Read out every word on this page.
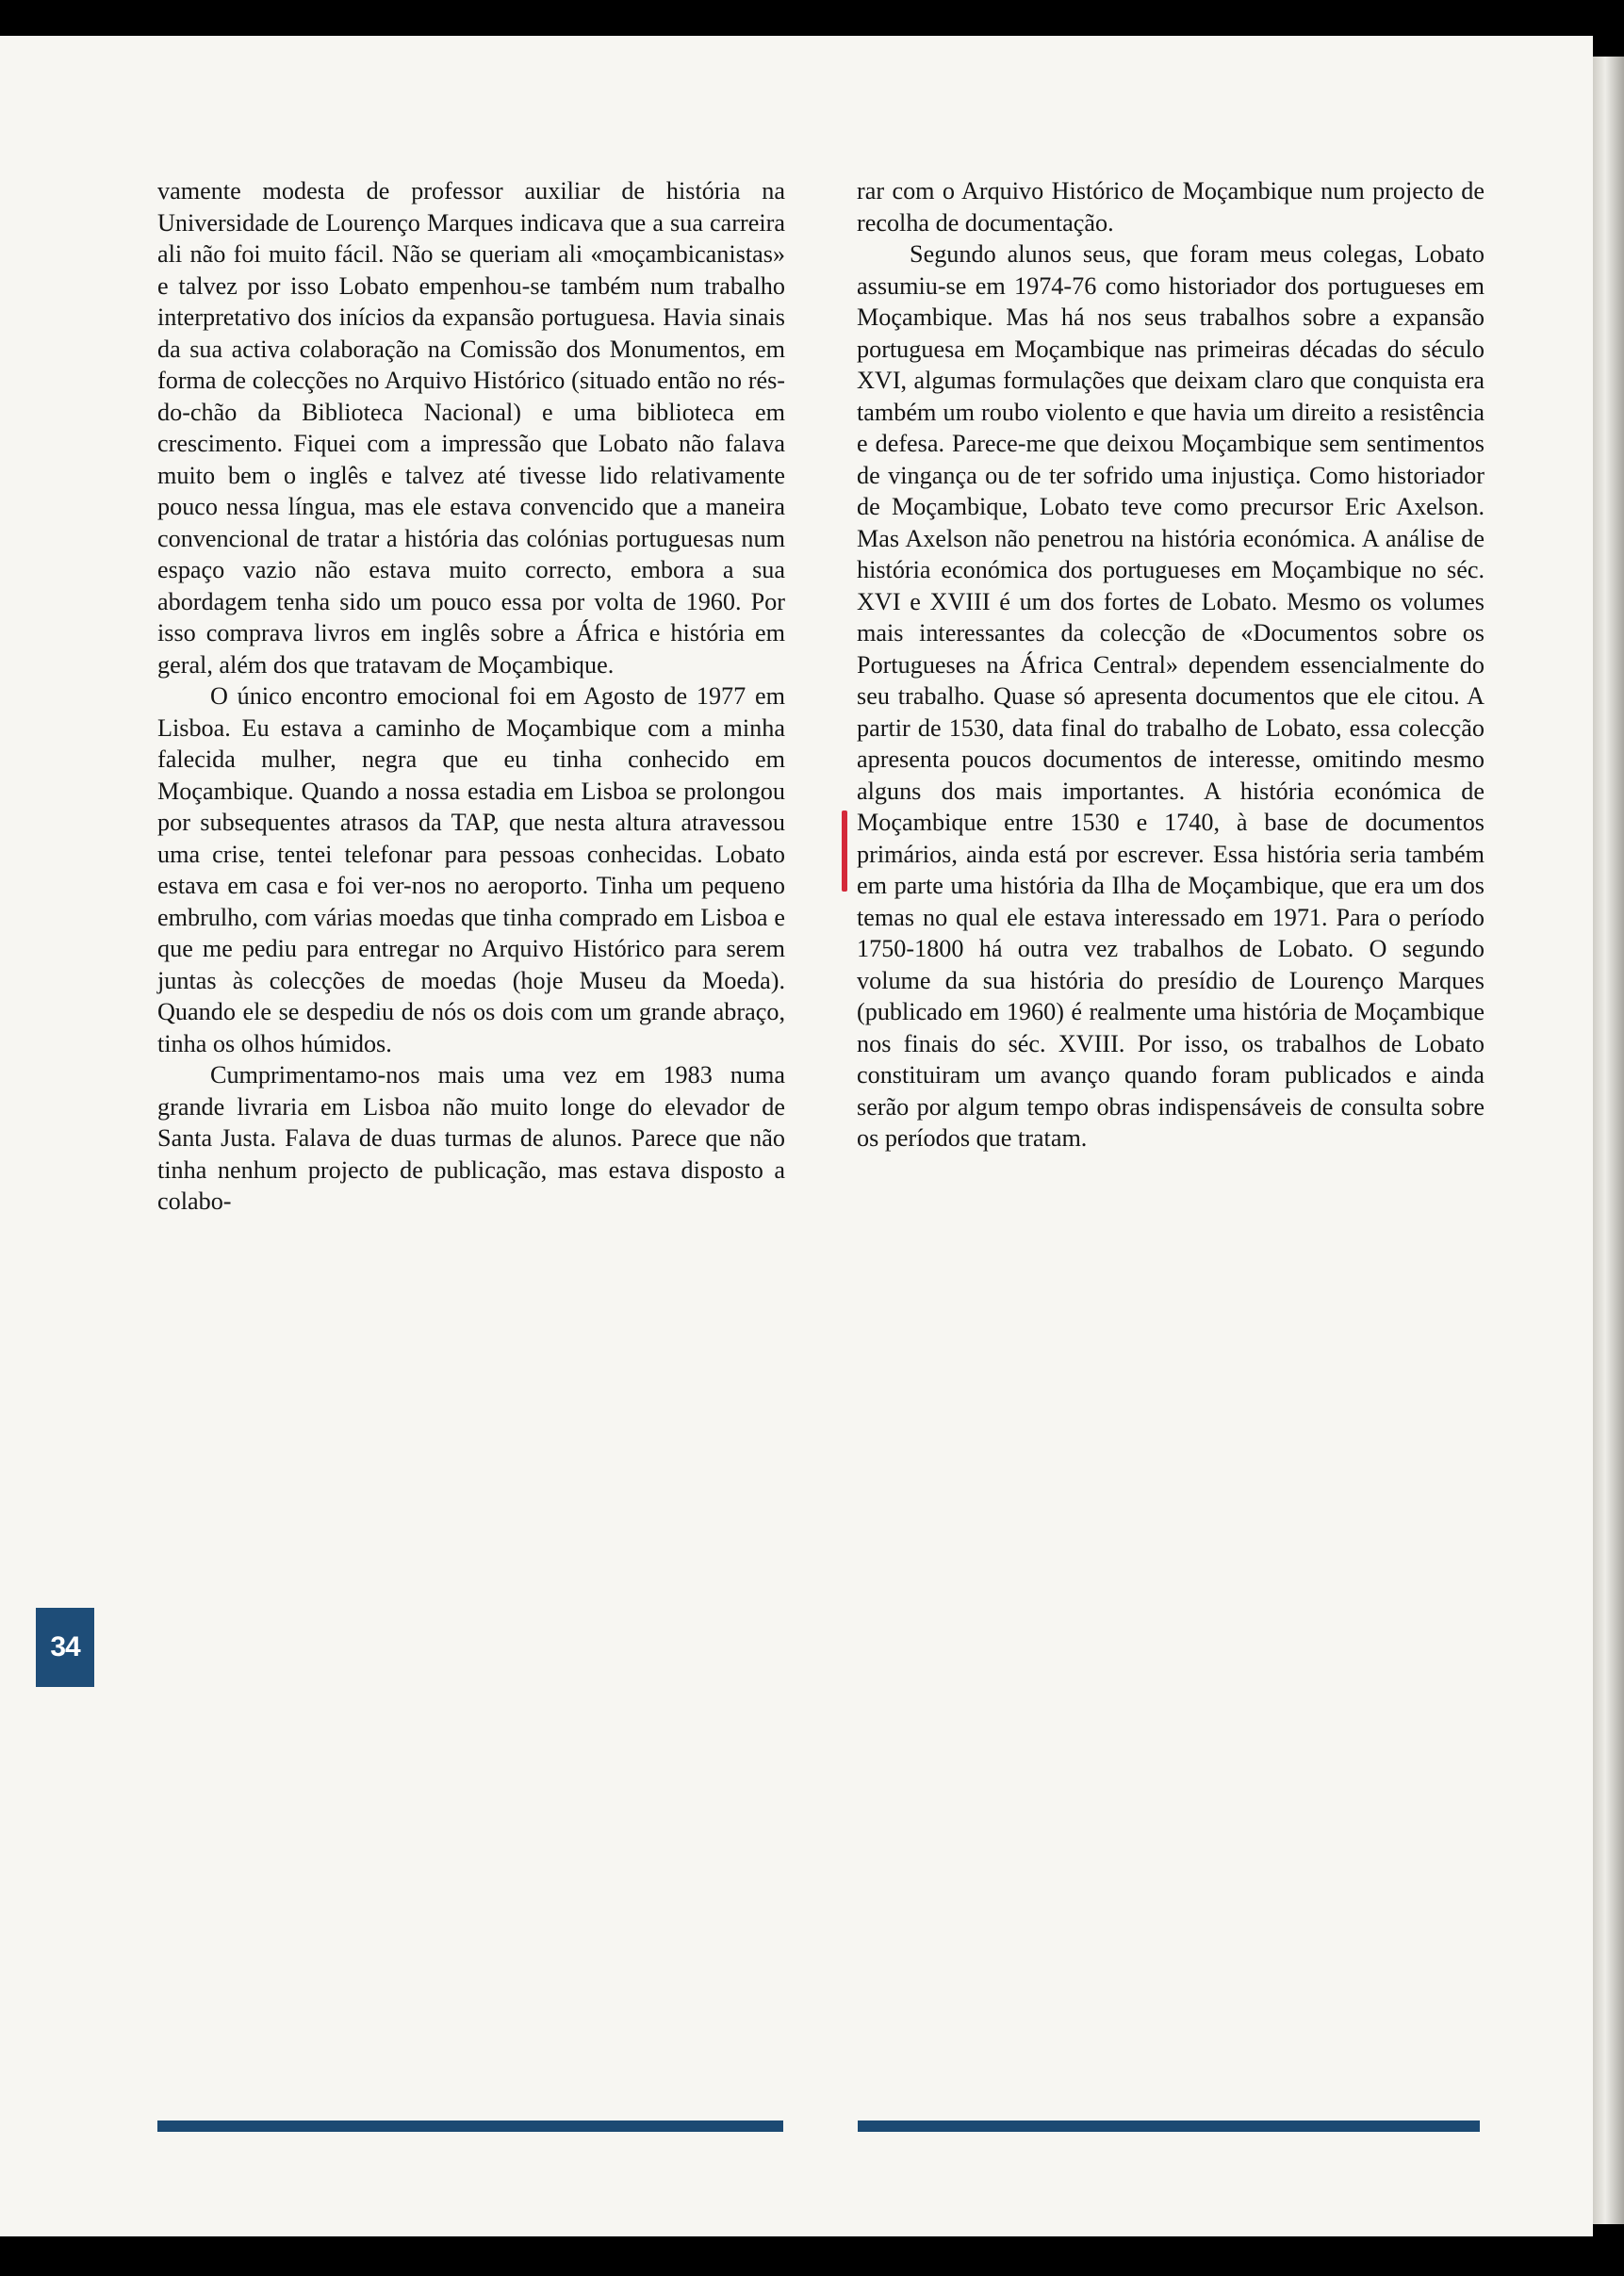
vamente modesta de professor auxiliar de história na Universidade de Lourenço Marques indicava que a sua carreira ali não foi muito fácil. Não se queriam ali «moçambicanistas» e talvez por isso Lobato empenhou-se também num trabalho interpretativo dos inícios da expansão portuguesa. Havia sinais da sua activa colaboração na Comissão dos Monumentos, em forma de colecções no Arquivo Histórico (situado então no rés-do-chão da Biblioteca Nacional) e uma biblioteca em crescimento. Fiquei com a impressão que Lobato não falava muito bem o inglês e talvez até tivesse lido relativamente pouco nessa língua, mas ele estava convencido que a maneira convencional de tratar a história das colónias portuguesas num espaço vazio não estava muito correcto, embora a sua abordagem tenha sido um pouco essa por volta de 1960. Por isso comprava livros em inglês sobre a África e história em geral, além dos que tratavam de Moçambique.

O único encontro emocional foi em Agosto de 1977 em Lisboa. Eu estava a caminho de Moçambique com a minha falecida mulher, negra que eu tinha conhecido em Moçambique. Quando a nossa estadia em Lisboa se prolongou por subsequentes atrasos da TAP, que nesta altura atravessou uma crise, tentei telefonar para pessoas conhecidas. Lobato estava em casa e foi ver-nos no aeroporto. Tinha um pequeno embrulho, com várias moedas que tinha comprado em Lisboa e que me pediu para entregar no Arquivo Histórico para serem juntas às colecções de moedas (hoje Museu da Moeda). Quando ele se despediu de nós os dois com um grande abraço, tinha os olhos húmidos.

Cumprimentamo-nos mais uma vez em 1983 numa grande livraria em Lisboa não muito longe do elevador de Santa Justa. Falava de duas turmas de alunos. Parece que não tinha nenhum projecto de publicação, mas estava disposto a colabo-

rar com o Arquivo Histórico de Moçambique num projecto de recolha de documentação.

Segundo alunos seus, que foram meus colegas, Lobato assumiu-se em 1974-76 como historiador dos portugueses em Moçambique. Mas há nos seus trabalhos sobre a expansão portuguesa em Moçambique nas primeiras décadas do século XVI, algumas formulações que deixam claro que conquista era também um roubo violento e que havia um direito a resistência e defesa. Parece-me que deixou Moçambique sem sentimentos de vingança ou de ter sofrido uma injustiça. Como historiador de Moçambique, Lobato teve como precursor Eric Axelson. Mas Axelson não penetrou na história económica. A análise de história económica dos portugueses em Moçambique no séc. XVI e XVIII é um dos fortes de Lobato. Mesmo os volumes mais interessantes da colecção de «Documentos sobre os Portugueses na África Central» dependem essencialmente do seu trabalho. Quase só apresenta documentos que ele citou. A partir de 1530, data final do trabalho de Lobato, essa colecção apresenta poucos documentos de interesse, omitindo mesmo alguns dos mais importantes. A história económica de Moçambique entre 1530 e 1740, à base de documentos primários, ainda está por escrever. Essa história seria também em parte uma história da Ilha de Moçambique, que era um dos temas no qual ele estava interessado em 1971. Para o período 1750-1800 há outra vez trabalhos de Lobato. O segundo volume da sua história do presídio de Lourenço Marques (publicado em 1960) é realmente uma história de Moçambique nos finais do séc. XVIII. Por isso, os trabalhos de Lobato constituiram um avanço quando foram publicados e ainda serão por algum tempo obras indispensáveis de consulta sobre os períodos que tratam.

34
